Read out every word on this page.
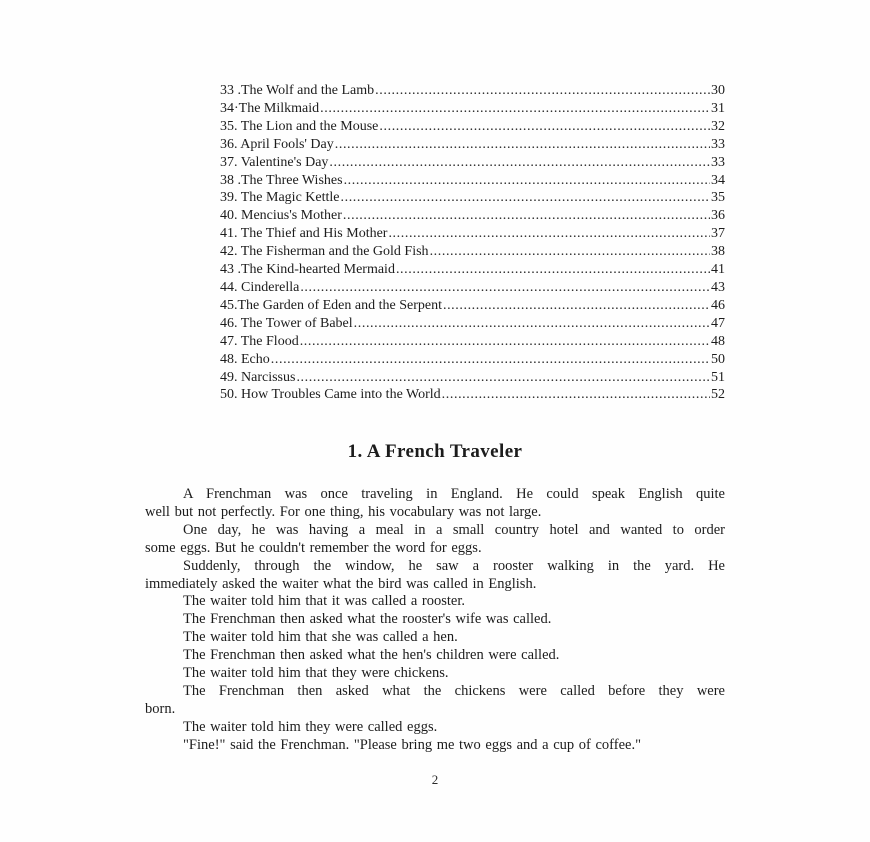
33 .The Wolf and the Lamb .....	30
34·The Milkmaid .....	31
35. The Lion and the Mouse .....	32
36. April Fools' Day .....	33
37. Valentine's Day .....	33
38 .The Three Wishes .....	34
39. The Magic Kettle .....	35
40. Mencius's Mother .....	36
41. The Thief and His Mother .....	37
42. The Fisherman and the Gold Fish .....	38
43 .The Kind-hearted Mermaid .....	41
44. Cinderella .....	43
45.The Garden of Eden and the Serpent .....	46
46. The Tower of Babel .....	47
47. The Flood .....	48
48. Echo .....	50
49. Narcissus .....	51
50. How Troubles Came into the World .....	52
1. A French Traveler
A Frenchman was once traveling in England. He could speak English quite
well but not perfectly. For one thing, his vocabulary was not large.
One day, he was having a meal in a small country hotel and wanted to order
some eggs. But he couldn't remember the word for eggs.
Suddenly, through the window, he saw a rooster walking in the yard. He
immediately asked the waiter what the bird was called in English.
The waiter told him that it was called a rooster.
The Frenchman then asked what the rooster's wife was called.
The waiter told him that she was called a hen.
The Frenchman then asked what the hen's children were called.
The waiter told him that they were chickens.
The Frenchman then asked what the chickens were called before they were
born.
The waiter told him they were called eggs.
"Fine!" said the Frenchman. "Please bring me two eggs and a cup of coffee."
2
